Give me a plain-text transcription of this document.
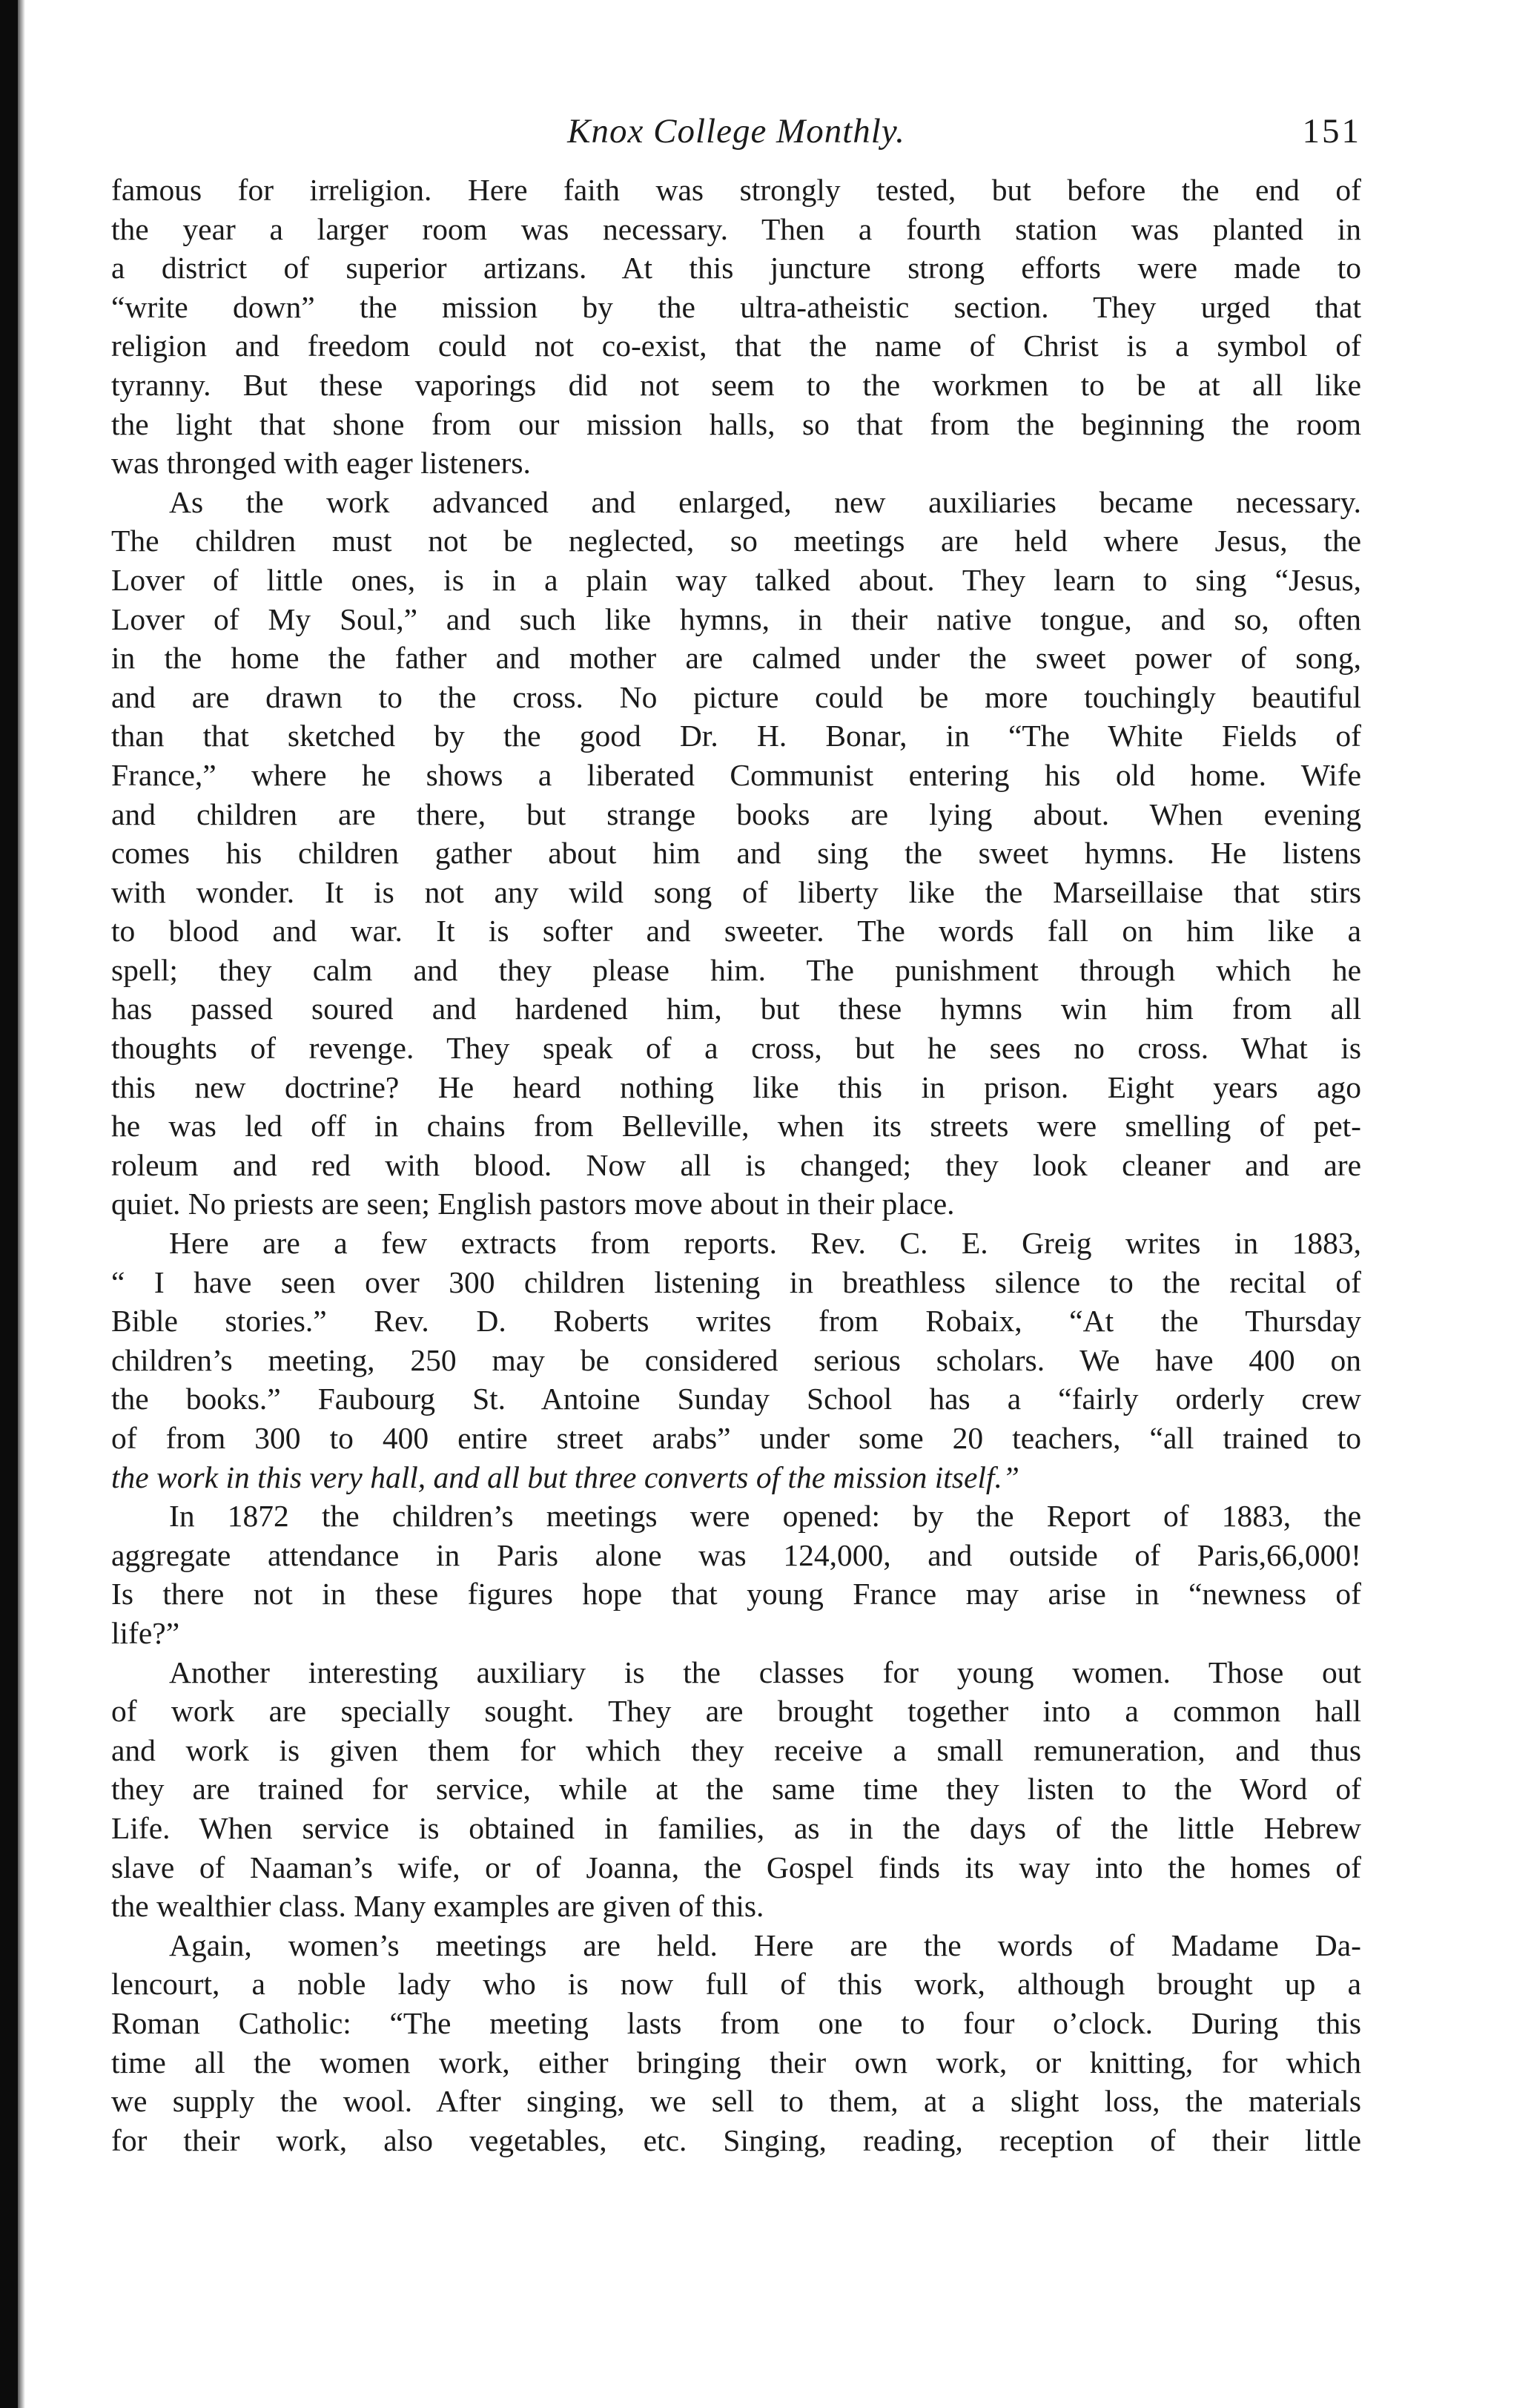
Knox College Monthly.	151

famous for irreligion. Here faith was strongly tested, but before the end of
the year a larger room was necessary. Then a fourth station was planted in
a district of superior artizans. At this juncture strong efforts were made to
“write down” the mission by the ultra-atheistic section. They urged that
religion and freedom could not co-exist, that the name of Christ is a symbol of
tyranny. But these vaporings did not seem to the workmen to be at all like
the light that shone from our mission halls, so that from the beginning the room
was thronged with eager listeners.

As the work advanced and enlarged, new auxiliaries became necessary.
The children must not be neglected, so meetings are held where Jesus, the
Lover of little ones, is in a plain way talked about. They learn to sing “Jesus,
Lover of My Soul,” and such like hymns, in their native tongue, and so, often
in the home the father and mother are calmed under the sweet power of song,
and are drawn to the cross. No picture could be more touchingly beautiful
than that sketched by the good Dr. H. Bonar, in “The White Fields of
France,” where he shows a liberated Communist entering his old home. Wife
and children are there, but strange books are lying about. When evening
comes his children gather about him and sing the sweet hymns. He listens
with wonder. It is not any wild song of liberty like the Marseillaise that stirs
to blood and war. It is softer and sweeter. The words fall on him like a
spell; they calm and they please him. The punishment through which he
has passed soured and hardened him, but these hymns win him from all
thoughts of revenge. They speak of a cross, but he sees no cross. What is
this new doctrine? He heard nothing like this in prison. Eight years ago
he was led off in chains from Belleville, when its streets were smelling of pet-
roleum and red with blood. Now all is changed; they look cleaner and are
quiet. No priests are seen; English pastors move about in their place.

Here are a few extracts from reports. Rev. C. E. Greig writes in 1883,
“ I have seen over 300 children listening in breathless silence to the recital of
Bible stories.” Rev. D. Roberts writes from Robaix, “At the Thursday
children’s meeting, 250 may be considered serious scholars. We have 400 on
the books.” Faubourg St. Antoine Sunday School has a “fairly orderly crew
of from 300 to 400 entire street arabs” under some 20 teachers, “all trained to
the work in this very hall, and all but three converts of the mission itself.”

In 1872 the children’s meetings were opened: by the Report of 1883, the
aggregate attendance in Paris alone was 124,000, and outside of Paris,66,000!
Is there not in these figures hope that young France may arise in “newness of
life?”

Another interesting auxiliary is the classes for young women. Those out
of work are specially sought. They are brought together into a common hall
and work is given them for which they receive a small remuneration, and thus
they are trained for service, while at the same time they listen to the Word of
Life. When service is obtained in families, as in the days of the little Hebrew
slave of Naaman’s wife, or of Joanna, the Gospel finds its way into the homes of
the wealthier class. Many examples are given of this.

Again, women’s meetings are held. Here are the words of Madame Da-
lencourt, a noble lady who is now full of this work, although brought up a
Roman Catholic: “The meeting lasts from one to four o’clock. During this
time all the women work, either bringing their own work, or knitting, for which
we supply the wool. After singing, we sell to them, at a slight loss, the materials
for their work, also vegetables, etc. Singing, reading, reception of their little
